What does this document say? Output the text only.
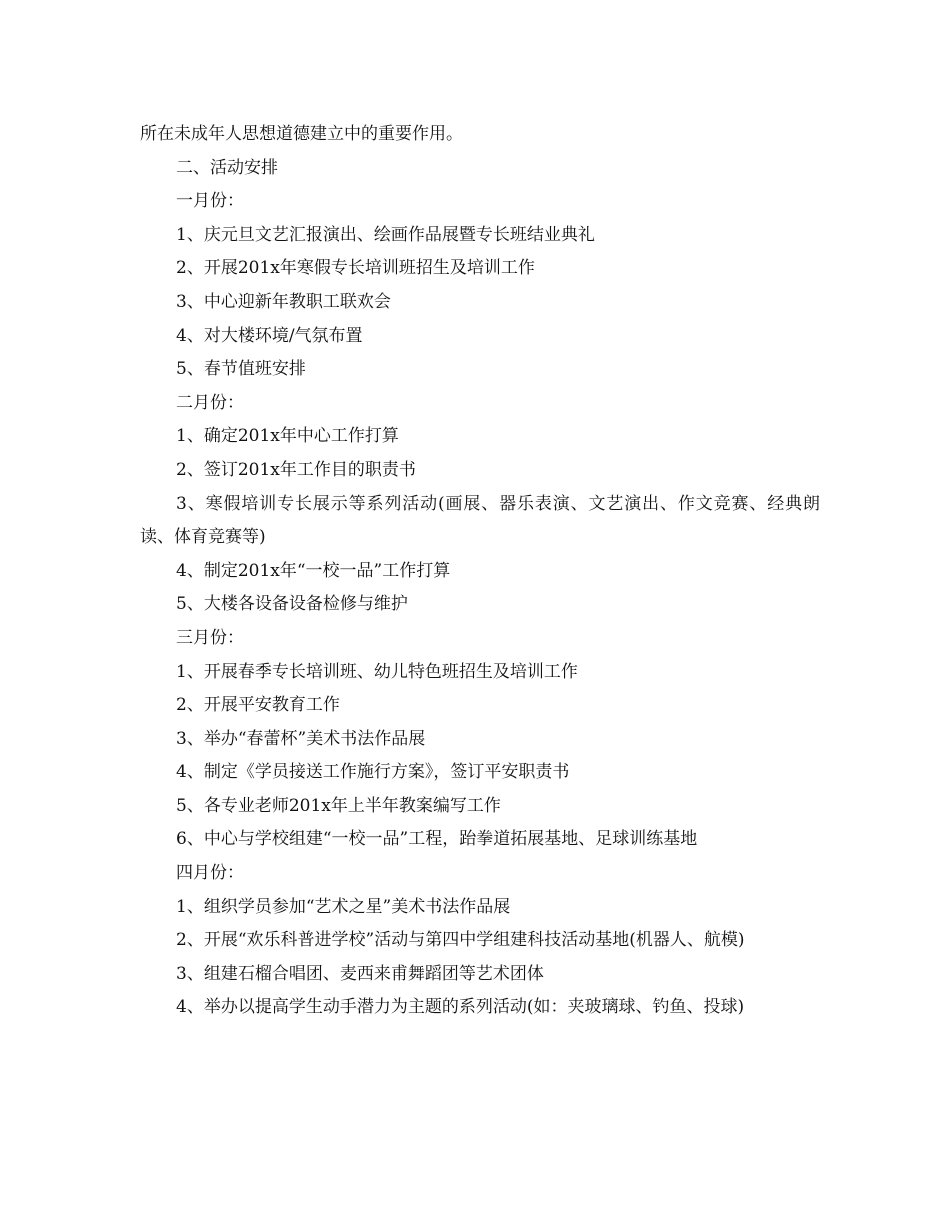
所在未成年人思想道德建立中的重要作用。

二、活动安排

一月份：

1、庆元旦文艺汇报演出、绘画作品展暨专长班结业典礼

2、开展201x年寒假专长培训班招生及培训工作

3、中心迎新年教职工联欢会

4、对大楼环境/气氛布置

5、春节值班安排

二月份：

1、确定201x年中心工作打算

2、签订201x年工作目的职责书

3、寒假培训专长展示等系列活动(画展、器乐表演、文艺演出、作文竞赛、经典朗读、体育竞赛等)

4、制定201x年“一校一品”工作打算

5、大楼各设备设备检修与维护

三月份：

1、开展春季专长培训班、幼儿特色班招生及培训工作

2、开展平安教育工作

3、举办“春蕾杯”美术书法作品展

4、制定《学员接送工作施行方案》，签订平安职责书

5、各专业老师201x年上半年教案编写工作

6、中心与学校组建“一校一品”工程，跆拳道拓展基地、足球训练基地

四月份：

1、组织学员参加“艺术之星”美术书法作品展

2、开展“欢乐科普进学校”活动与第四中学组建科技活动基地(机器人、航模)

3、组建石榴合唱团、麦西来甫舞蹈团等艺术团体

4、举办以提高学生动手潜力为主题的系列活动(如：夹玻璃球、钓鱼、投球)
